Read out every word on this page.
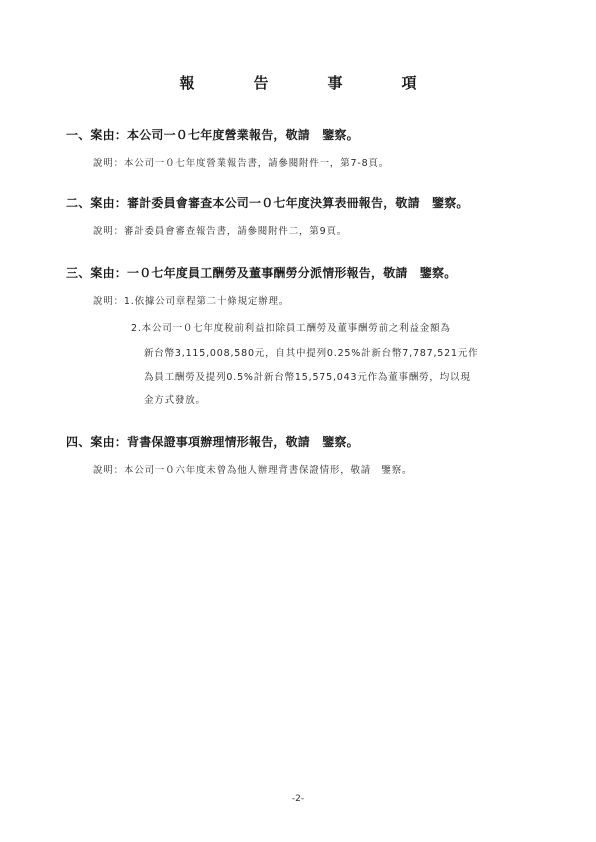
報　告　事　項
一、案由：本公司一０七年度營業報告，敬請　鑒察。
說明：本公司一０七年度營業報告書，請參閱附件一，第7-8頁。
二、案由：審計委員會審查本公司一０七年度決算表冊報告，敬請　鑒察。
說明：審計委員會審查報告書，請參閱附件二，第9頁。
三、案由：一０七年度員工酬勞及董事酬勞分派情形報告，敬請　鑒察。
說明：1.依據公司章程第二十條規定辦理。
2.本公司一０七年度稅前利益扣除員工酬勞及董事酬勞前之利益金額為
新台幣3,115,008,580元，自其中提列0.25%計新台幣7,787,521元作
為員工酬勞及提列0.5%計新台幣15,575,043元作為董事酬勞，均以現
金方式發放。
四、案由：背書保證事項辦理情形報告，敬請　鑒察。
說明：本公司一０六年度未曾為他人辦理背書保證情形，敬請　鑒察。
-2-
